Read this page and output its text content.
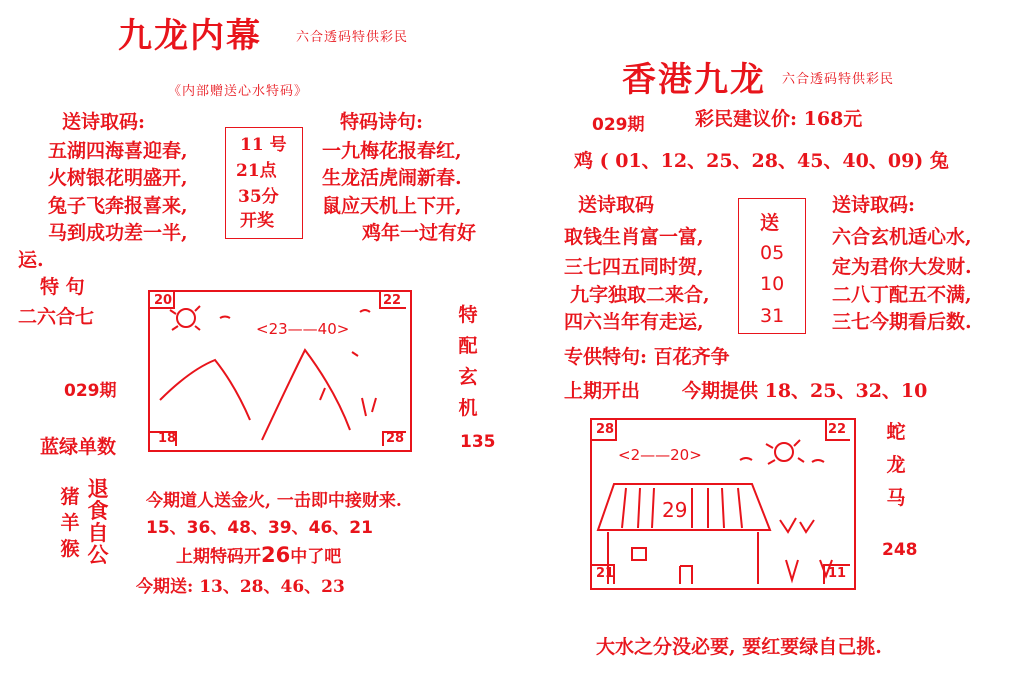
九龙内幕	六合透码特供彩民
《内部赠送心水特码》
送诗取码:
五湖四海喜迎春,
火树银花明盛开,
兔子飞奔报喜来,
马到成功差一半,
11 号
21点
35分
开奖
特码诗句:
一九梅花报春红,
生龙活虎闹新春.
鼠应天机上下开,
鸡年一过有好
运.
特 句
二六合七
029期
蓝绿单数
20	22
18	28
<23——40>
特
配
玄
机
135
猪
羊
猴
退
食
自
公
今期道人送金火, 一击即中接财来.
15、36、48、39、46、21
上期特码开26中了吧
今期送: 13、28、46、23
香港九龙 六合透码特供彩民
029期	彩民建议价: 168元
鸡 ( 01、12、25、28、45、40、09) 兔
送诗取码
取钱生肖富一富,
三七四五同时贺,
九字独取二来合,
四六当年有走运,
送
05
10
31
送诗取码:
六合玄机适心水,
定为君你大发财.
二八丁配五不满,
三七今期看后数.
专供特句: 百花齐争
上期开出 今期提供 18、25、32、10
28	22
21	11
<2——20>
29
蛇
龙
马
248
大水之分没必要, 要红要绿自己挑.
